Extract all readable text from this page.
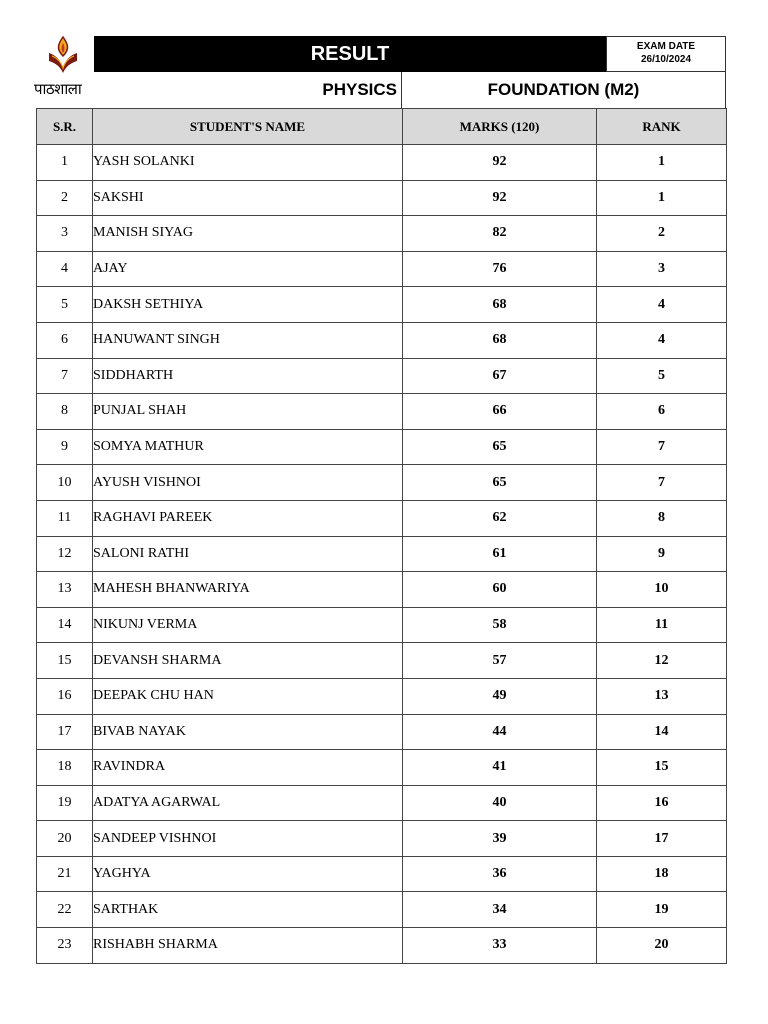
पाठशाला
RESULT	EXAM DATE
26/10/2024
PHYSICS	FOUNDATION (M2)
S.R.	STUDENT'S NAME	MARKS (120)	RANK
1	YASH SOLANKI	92	1
2	SAKSHI	92	1
3	MANISH SIYAG	82	2
4	AJAY	76	3
5	DAKSH SETHIYA	68	4
6	HANUWANT SINGH	68	4
7	SIDDHARTH	67	5
8	PUNJAL SHAH	66	6
9	SOMYA MATHUR	65	7
10	AYUSH VISHNOI	65	7
11	RAGHAVI PAREEK	62	8
12	SALONI RATHI	61	9
13	MAHESH BHANWARIYA	60	10
14	NIKUNJ VERMA	58	11
15	DEVANSH SHARMA	57	12
16	DEEPAK CHU HAN	49	13
17	BIVAB NAYAK	44	14
18	RAVINDRA	41	15
19	ADATYA AGARWAL	40	16
20	SANDEEP VISHNOI	39	17
21	YAGHYA	36	18
22	SARTHAK	34	19
23	RISHABH SHARMA	33	20
